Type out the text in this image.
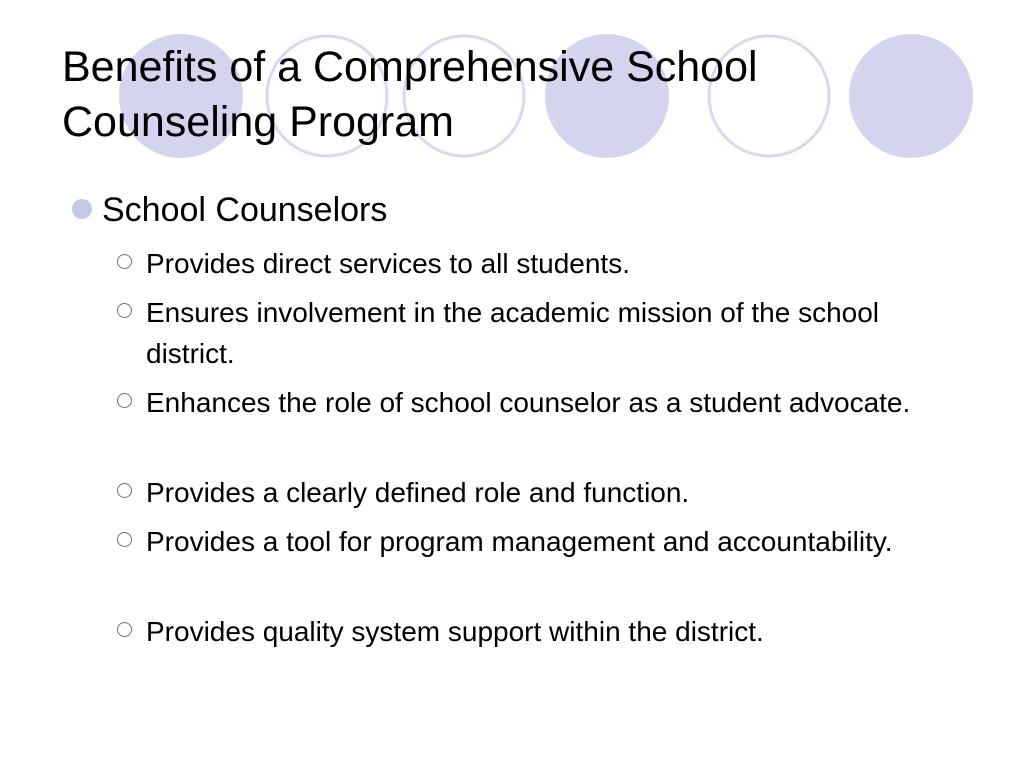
Benefits of a Comprehensive School
Counseling Program
School Counselors
Provides direct services to all students.
Ensures involvement in the academic mission of the school district.
Enhances the role of school counselor as a student advocate.
Provides a clearly defined role and function.
Provides a tool for program management and accountability.
Provides quality system support within the district.
